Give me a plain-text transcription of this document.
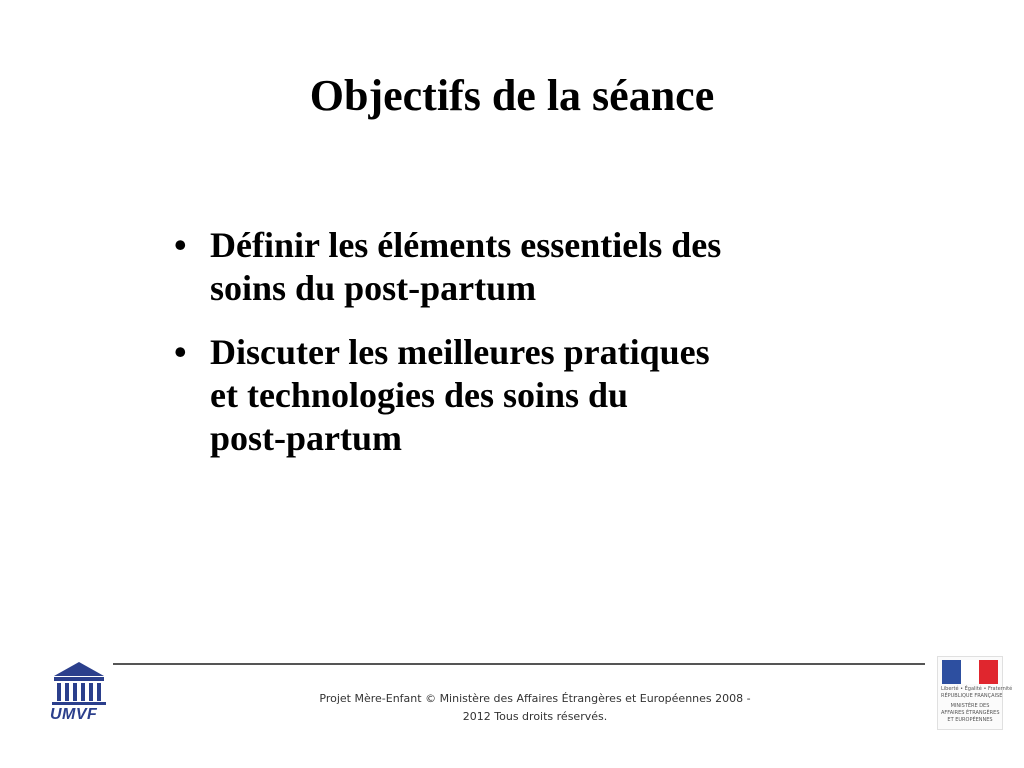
Objectifs de la séance
• Définir les éléments essentiels des
soins du post-partum
• Discuter les meilleures pratiques
et technologies des soins du
post-partum
UMVF
Projet Mère-Enfant © Ministère des Affaires Étrangères et Européennes 2008 -
2012 Tous droits réservés.
Liberté • Égalité • Fraternité
RÉPUBLIQUE FRANÇAISE
MINISTÈRE DES
AFFAIRES ÉTRANGÈRES
ET EUROPÉENNES
